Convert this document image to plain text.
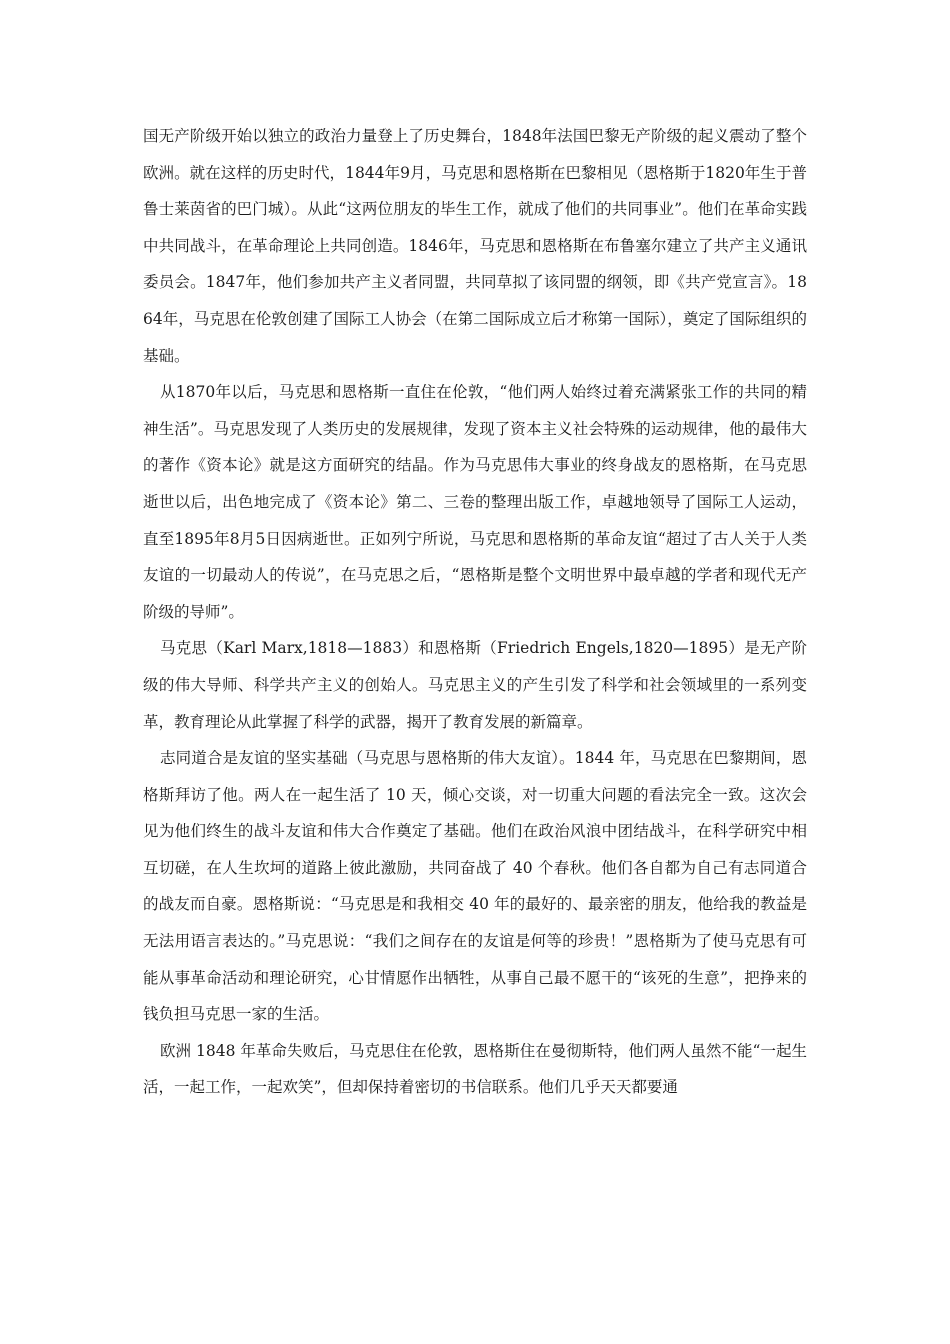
国无产阶级开始以独立的政治力量登上了历史舞台，1848年法国巴黎无产阶级的起义震动了整个欧洲。就在这样的历史时代，1844年9月，马克思和恩格斯在巴黎相见（恩格斯于1820年生于普鲁士莱茵省的巴门城）。从此“这两位朋友的毕生工作，就成了他们的共同事业”。他们在革命实践中共同战斗，在革命理论上共同创造。1846年，马克思和恩格斯在布鲁塞尔建立了共产主义通讯委员会。1847年，他们参加共产主义者同盟，共同草拟了该同盟的纲领，即《共产党宣言》。1864年，马克思在伦敦创建了国际工人协会（在第二国际成立后才称第一国际），奠定了国际组织的基础。

从1870年以后，马克思和恩格斯一直住在伦敦，“他们两人始终过着充满紧张工作的共同的精神生活”。马克思发现了人类历史的发展规律，发现了资本主义社会特殊的运动规律，他的最伟大的著作《资本论》就是这方面研究的结晶。作为马克思伟大事业的终身战友的恩格斯，在马克思逝世以后，出色地完成了《资本论》第二、三卷的整理出版工作，卓越地领导了国际工人运动，直至1895年8月5日因病逝世。正如列宁所说，马克思和恩格斯的革命友谊“超过了古人关于人类友谊的一切最动人的传说”，在马克思之后，“恩格斯是整个文明世界中最卓越的学者和现代无产阶级的导师”。

马克思（Karl Marx,1818—1883）和恩格斯（Friedrich Engels,1820—1895）是无产阶级的伟大导师、科学共产主义的创始人。马克思主义的产生引发了科学和社会领域里的一系列变革，教育理论从此掌握了科学的武器，揭开了教育发展的新篇章。

志同道合是友谊的坚实基础（马克思与恩格斯的伟大友谊）。1844 年，马克思在巴黎期间，恩格斯拜访了他。两人在一起生活了 10 天，倾心交谈，对一切重大问题的看法完全一致。这次会见为他们终生的战斗友谊和伟大合作奠定了基础。他们在政治风浪中团结战斗，在科学研究中相互切磋，在人生坎坷的道路上彼此激励，共同奋战了 40 个春秋。他们各自都为自己有志同道合的战友而自豪。恩格斯说：“马克思是和我相交 40 年的最好的、最亲密的朋友，他给我的教益是无法用语言表达的。”马克思说：“我们之间存在的友谊是何等的珍贵！”恩格斯为了使马克思有可能从事革命活动和理论研究，心甘情愿作出牺牲，从事自己最不愿干的“该死的生意”，把挣来的钱负担马克思一家的生活。

欧洲 1848 年革命失败后，马克思住在伦敦，恩格斯住在曼彻斯特，他们两人虽然不能“一起生活，一起工作，一起欢笑”，但却保持着密切的书信联系。他们几乎天天都要通
